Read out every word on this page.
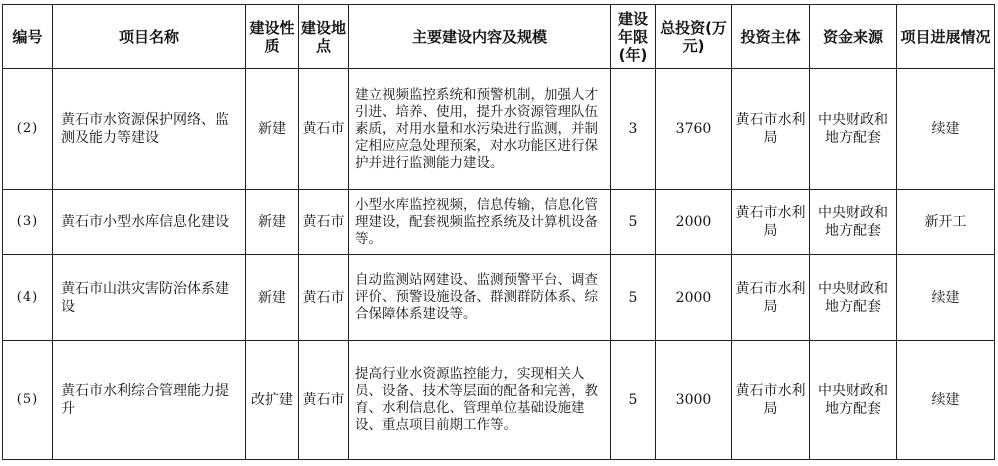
编号	项目名称	建设性质	建设地点	主要建设内容及规模	建设年限(年)	总投资(万元)	投资主体	资金来源	项目进展情况
(2)	黄石市水资源保护网络、监测及能力等建设	新建	黄石市	建立视频监控系统和预警机制，加强人才引进、培养、使用，提升水资源管理队伍素质，对用水量和水污染进行监测，并制定相应应急处理预案，对水功能区进行保护并进行监测能力建设。	3	3760	黄石市水利局	中央财政和地方配套	续建
(3)	黄石市小型水库信息化建设	新建	黄石市	小型水库监控视频，信息传输，信息化管理建设，配套视频监控系统及计算机设备等。	5	2000	黄石市水利局	中央财政和地方配套	新开工
(4)	黄石市山洪灾害防治体系建设	新建	黄石市	自动监测站网建设、监测预警平台、调查评价、预警设施设备、群测群防体系、综合保障体系建设等。	5	2000	黄石市水利局	中央财政和地方配套	续建
(5)	黄石市水利综合管理能力提升	改扩建	黄石市	提高行业水资源监控能力，实现相关人员、设备、技术等层面的配备和完善，教育、水利信息化、管理单位基础设施建设、重点项目前期工作等。	5	3000	黄石市水利局	中央财政和地方配套	续建
